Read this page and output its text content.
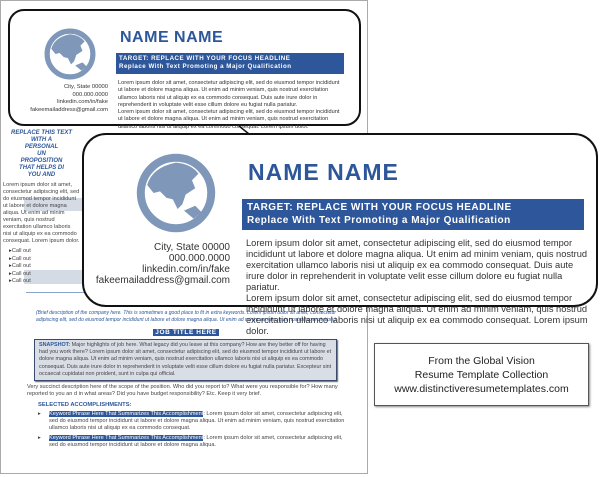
REPLACE THIS TEXT WITH A
PERSONAL
UN
PROPOSITION
THAT HELPS DI
YOU AND
Lorem ipsum dolor sit amet, consectetur adipiscing elit, sed do eiusmod tempor incididunt ut labore et dolore magna aliqua. Ut enim ad minim veniam, quis nostrud exercitation ullamco laboris nisi ut aliquip ex ea commodo consequat. Lorem ipsum dolor.
▸ Call out
▸ Call out
▸ Call out
▸ Call out
▸ Call out
(Brief description of the company here. This is sometimes a good place to fit in extra keywords. Lorem ipsum dolor sit amet, consectetur adipiscing elit, sed do eiusmod tempor incididunt ut labore et dolore magna aliqua. Ut enim ad minim veniam, quis nostrud exercitation.)
JOB TITLE HERE
SNAPSHOT: Major highlights of job here. What legacy did you leave at this company? How are they better off for having had you work there? Lorem ipsum dolor sit amet, consectetur adipiscing elit, sed do eiusmod tempor incididunt ut labore et dolore magna aliqua. Ut enim ad minim veniam, quis nostrud exercitation ullamco laboris nisi ut aliquip ex ea commodo consequat. Duis aute irure dolor in reprehenderit in voluptate velit esse cillum dolore eu fugiat nulla pariatur. Excepteur sint occaecat cupidatat non proident, sunt in culpa qui official.
Very succinct description here of the scope of the position. Who did you report to? What were you responsible for? How many reported to you an d in what areas? Did you have budget responsibility? Etc. Keep it very brief.
SELECTED ACCOMPLISHMENTS:
▸ Keyword Phrase Here That Summarizes This Accomplishment: Lorem ipsum dolor sit amet, consectetur adipiscing elit, sed do eiusmod tempor incididunt ut labore et dolore magna aliqua. Ut enim ad minim veniam, quis nostrud exercitation ullamco laboris nisi ut aliquip ex ea commodo consequat.
▸ Keyword Phrase Here That Summarizes This Accomplishment: Lorem ipsum dolor sit amet, consectetur adipiscing elit, sed do eiusmod tempor incididunt ut labore et dolore magna aliqua.
NAME NAME
TARGET: REPLACE WITH YOUR FOCUS HEADLINE
Replace With Text Promoting a Major Qualification
City, State 00000
000.000.0000
linkedin.com/in/fake
fakeemailaddress@gmail.com
Lorem ipsum dolor sit amet, consectetur adipiscing elit, sed do eiusmod tempor incididunt ut labore et dolore magna aliqua. Ut enim ad minim veniam, quis nostrud exercitation ullamco laboris nisi ut aliquip ex ea commodo consequat. Duis aute irure dolor in reprehenderit in voluptate velit esse cillum dolore eu fugiat nulla pariatur.
Lorem ipsum dolor sit amet, consectetur adipiscing elit, sed do eiusmod tempor incididunt ut labore et dolore magna aliqua. Ut enim ad minim veniam, quis nostrud exercitation ullamco laboris nisi ut aliquip ex ea commodo consequat. Lorem ipsum dolor.
NAME NAME
TARGET: REPLACE WITH YOUR FOCUS HEADLINE
Replace With Text Promoting a Major Qualification
City, State 00000
000.000.0000
linkedin.com/in/fake
fakeemailaddress@gmail.com
Lorem ipsum dolor sit amet, consectetur adipiscing elit, sed do eiusmod tempor incididunt ut labore et dolore magna aliqua. Ut enim ad minim veniam, quis nostrud exercitation ullamco laboris nisi ut aliquip ex ea commodo consequat. Duis aute irure dolor in reprehenderit in voluptate velit esse cillum dolore eu fugiat nulla pariatur.
Lorem ipsum dolor sit amet, consectetur adipiscing elit, sed do eiusmod tempor incididunt ut labore et dolore magna aliqua. Ut enim ad minim veniam, quis nostrud exercitation ullamco laboris nisi ut aliquip ex ea commodo consequat. Lorem ipsum dolor.
From the Global Vision
Resume Template Collection
www.distinctiveresumetemplates.com
